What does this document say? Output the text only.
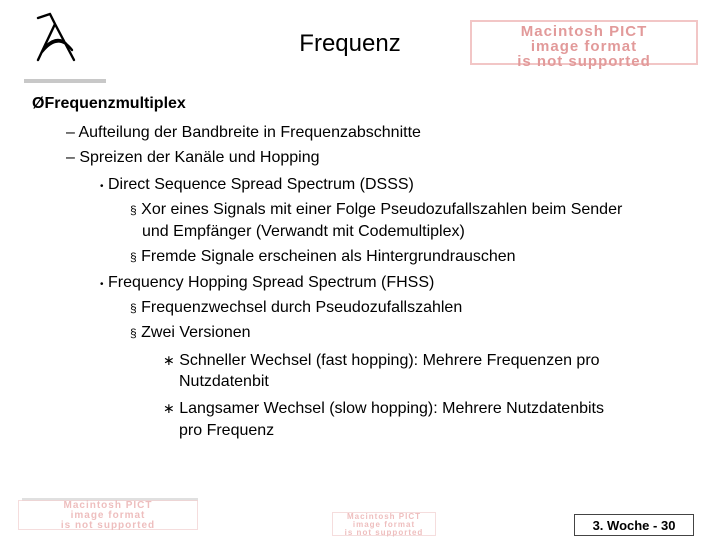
Frequenz	Macintosh PICT
image format
is not supported
ØFrequenzmultiplex
– Aufteilung der Bandbreite in Frequenzabschnitte
– Spreizen der Kanäle und Hopping
• Direct Sequence Spread Spectrum (DSSS)
§ Xor eines Signals mit einer Folge Pseudozufallszahlen beim Sender
und Empfänger (Verwandt mit Codemultiplex)
§ Fremde Signale erscheinen als Hintergrundrauschen
• Frequency Hopping Spread Spectrum (FHSS)
§ Frequenzwechsel durch Pseudozufallszahlen
§ Zwei Versionen
∗ Schneller Wechsel (fast hopping): Mehrere Frequenzen pro
Nutzdatenbit
∗ Langsamer Wechsel (slow hopping): Mehrere Nutzdatenbits
pro Frequenz
Macintosh PICT
image format
is not supported
Macintosh PICT
image format
is not supported	3. Woche - 30
